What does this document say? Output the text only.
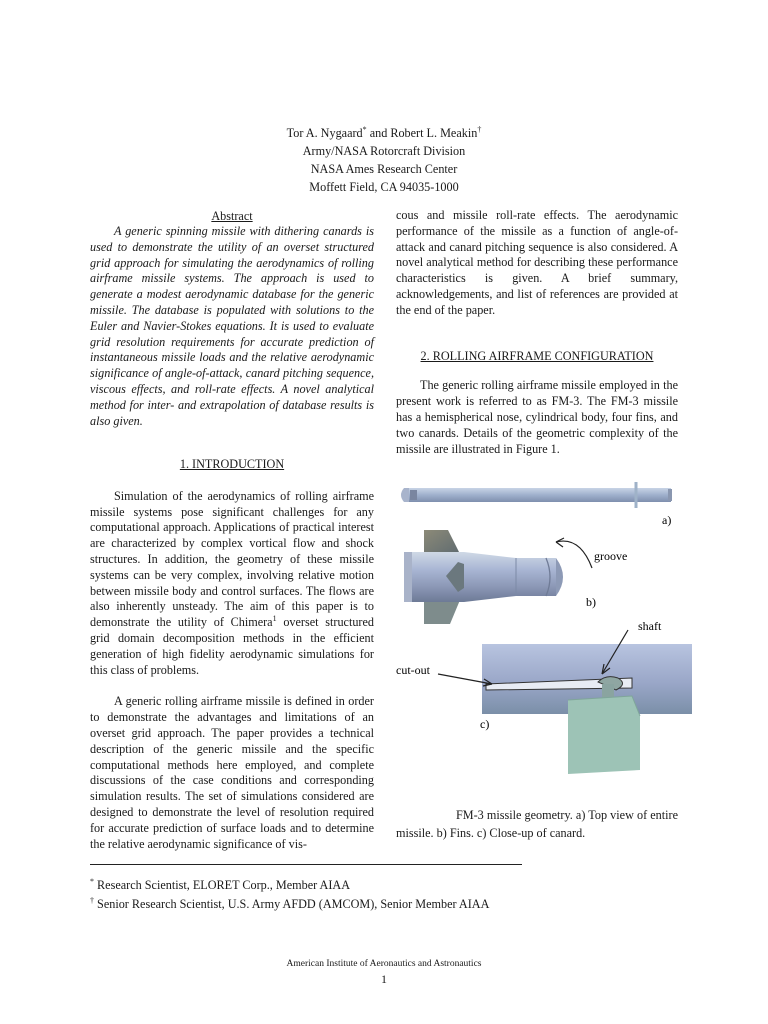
Tor A. Nygaard* and Robert L. Meakin†
Army/NASA Rotorcraft Division
NASA Ames Research Center
Moffett Field, CA 94035-1000
Abstract

A generic spinning missile with dithering canards is used to demonstrate the utility of an overset structured grid approach for simulating the aerodynamics of rolling airframe missile systems. The approach is used to generate a modest aerodynamic database for the generic missile. The database is populated with solutions to the Euler and Navier-Stokes equations. It is used to evaluate grid resolution requirements for accurate prediction of instantaneous missile loads and the relative aerodynamic significance of angle-of-attack, canard pitching sequence, viscous effects, and roll-rate effects. A novel analytical method for inter- and extrapolation of database results is also given.

1. INTRODUCTION

Simulation of the aerodynamics of rolling airframe missile systems pose significant challenges for any computational approach. Applications of practical interest are characterized by complex vortical flow and shock structures. In addition, the geometry of these missile systems can be very complex, involving relative motion between missile body and control surfaces. The flows are also inherently unsteady. The aim of this paper is to demonstrate the utility of Chimera$^1$ overset structured grid domain decomposition methods in the efficient generation of high fidelity aerodynamic simulations for this class of problems.

A generic rolling airframe missile is defined in order to demonstrate the advantages and limitations of an overset grid approach. The paper provides a technical description of the generic missile and the specific computational methods here employed, and complete discussions of the case conditions and corresponding simulation results. The set of simulations considered are designed to demonstrate the level of resolution required for accurate prediction of surface loads and to determine the relative aerodynamic significance of vis-

cous and missile roll-rate effects. The aerodynamic performance of the missile as a function of angle-of-attack and canard pitching sequence is also considered. A novel analytical method for describing these performance characteristics is given. A brief summary, acknowledgements, and list of references are provided at the end of the paper.

2. ROLLING AIRFRAME CONFIGURATION

The generic rolling airframe missile employed in the present work is referred to as FM-3. The FM-3 missile has a hemispherical nose, cylindrical body, four fins, and two canards. Details of the geometric complexity of the missile are illustrated in Figure 1.

a)
groove
b)
shaft
cut-out
c)
FM-3 missile geometry. a) Top view of entire missile. b) Fins. c) Close-up of canard.
* Research Scientist, ELORET Corp., Member AIAA
† Senior Research Scientist, U.S. Army AFDD (AMCOM), Senior Member AIAA
American Institute of Aeronautics and Astronautics
1
